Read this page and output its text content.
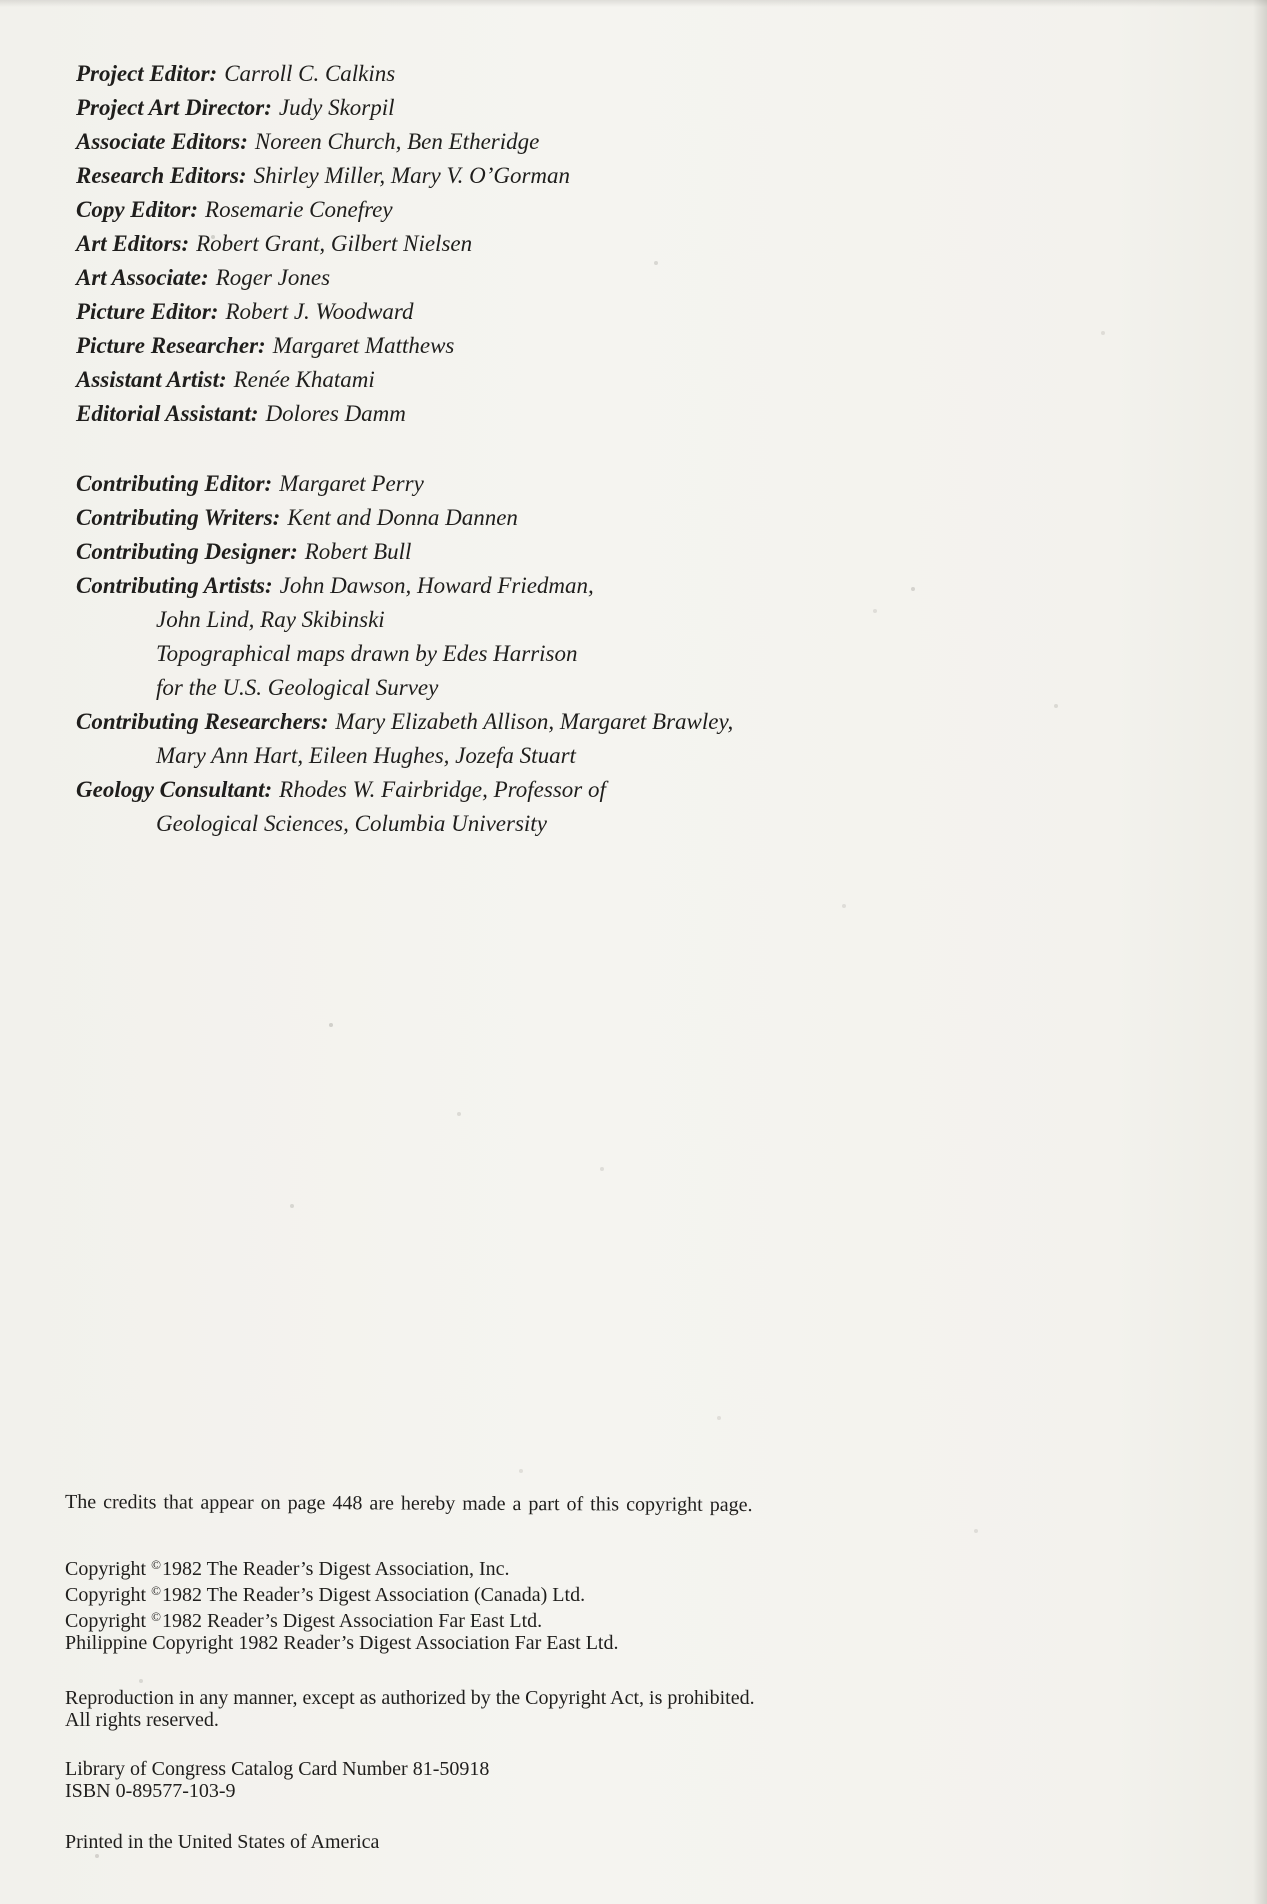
Project Editor: Carroll C. Calkins
Project Art Director: Judy Skorpil
Associate Editors: Noreen Church, Ben Etheridge
Research Editors: Shirley Miller, Mary V. O’Gorman
Copy Editor: Rosemarie Conefrey
Art Editors: Robert Grant, Gilbert Nielsen
Art Associate: Roger Jones
Picture Editor: Robert J. Woodward
Picture Researcher: Margaret Matthews
Assistant Artist: Renée Khatami
Editorial Assistant: Dolores Damm
Contributing Editor: Margaret Perry
Contributing Writers: Kent and Donna Dannen
Contributing Designer: Robert Bull
Contributing Artists: John Dawson, Howard Friedman,
John Lind, Ray Skibinski
Topographical maps drawn by Edes Harrison
for the U.S. Geological Survey
Contributing Researchers: Mary Elizabeth Allison, Margaret Brawley,
Mary Ann Hart, Eileen Hughes, Jozefa Stuart
Geology Consultant: Rhodes W. Fairbridge, Professor of
Geological Sciences, Columbia University

The credits that appear on page 448 are hereby made a part of this copyright page.

Copyright ©1982 The Reader’s Digest Association, Inc.

Copyright ©1982 The Reader’s Digest Association (Canada) Ltd.

Copyright ©1982 Reader’s Digest Association Far East Ltd.

Philippine Copyright 1982 Reader’s Digest Association Far East Ltd.

Reproduction in any manner, except as authorized by the Copyright Act, is prohibited.

All rights reserved.

Library of Congress Catalog Card Number 81-50918

ISBN 0-89577-103-9

Printed in the United States of America
